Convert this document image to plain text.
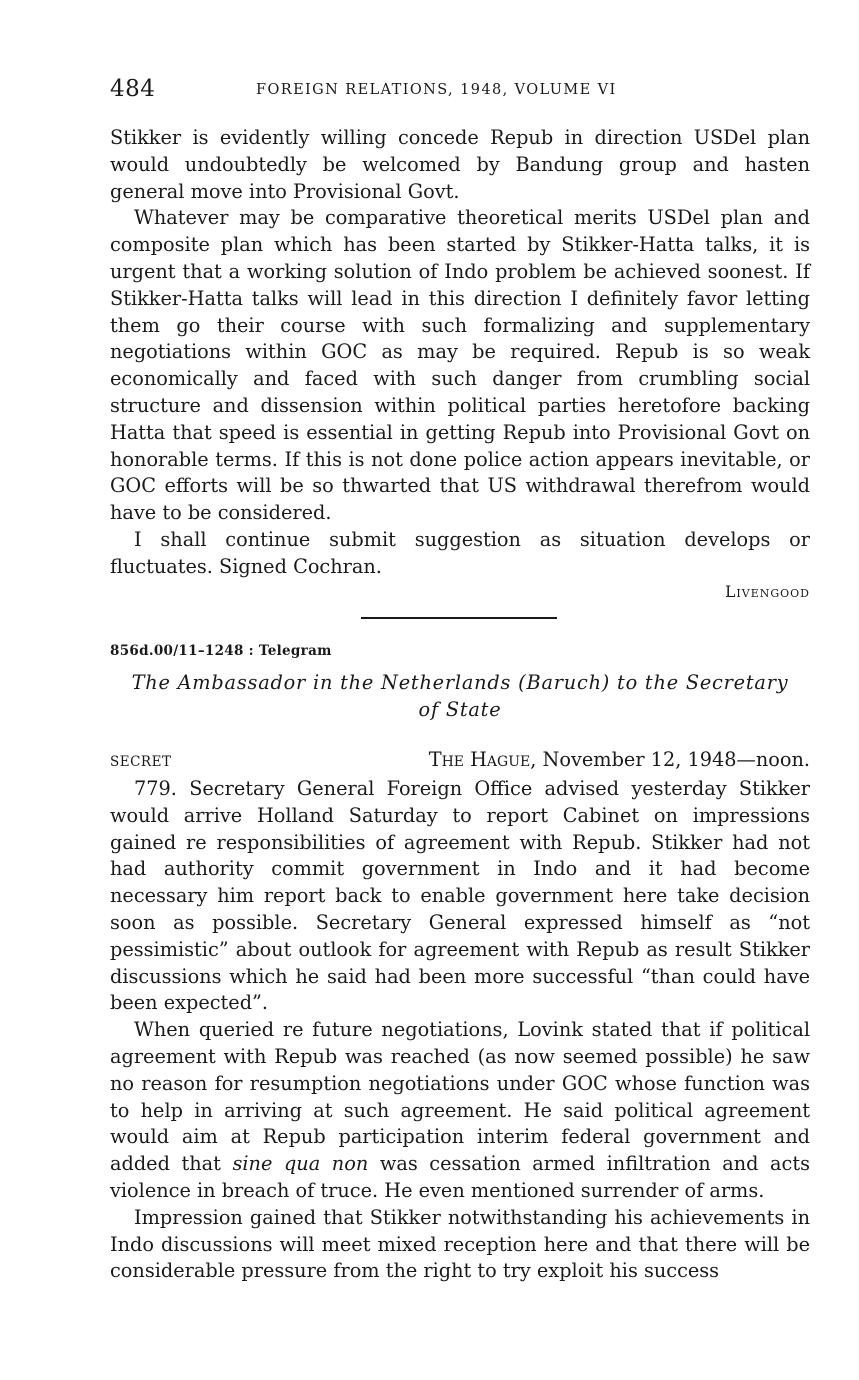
484	FOREIGN RELATIONS, 1948, VOLUME VI

Stikker is evidently willing concede Repub in direction USDel plan would undoubtedly be welcomed by Bandung group and hasten general move into Provisional Govt.

Whatever may be comparative theoretical merits USDel plan and composite plan which has been started by Stikker-Hatta talks, it is urgent that a working solution of Indo problem be achieved soonest. If Stikker-Hatta talks will lead in this direction I definitely favor letting them go their course with such formalizing and supplementary negotiations within GOC as may be required. Repub is so weak economically and faced with such danger from crumbling social structure and dissension within political parties heretofore backing Hatta that speed is essential in getting Repub into Provisional Govt on honorable terms. If this is not done police action appears inevitable, or GOC efforts will be so thwarted that US withdrawal therefrom would have to be considered.

I shall continue submit suggestion as situation develops or fluctuates. Signed Cochran.

Livengood
856d.00/11–1248 : Telegram
The Ambassador in the Netherlands (Baruch) to the Secretary
of State
SECRET	The Hague, November 12, 1948—noon.

779. Secretary General Foreign Office advised yesterday Stikker would arrive Holland Saturday to report Cabinet on impressions gained re responsibilities of agreement with Repub. Stikker had not had authority commit government in Indo and it had become necessary him report back to enable government here take decision soon as possible. Secretary General expressed himself as “not pessimistic” about outlook for agreement with Repub as result Stikker discussions which he said had been more successful “than could have been expected”.

When queried re future negotiations, Lovink stated that if political agreement with Repub was reached (as now seemed possible) he saw no reason for resumption negotiations under GOC whose function was to help in arriving at such agreement. He said political agreement would aim at Repub participation interim federal government and added that sine qua non was cessation armed infiltration and acts violence in breach of truce. He even mentioned surrender of arms.

Impression gained that Stikker notwithstanding his achievements in Indo discussions will meet mixed reception here and that there will be considerable pressure from the right to try exploit his success
